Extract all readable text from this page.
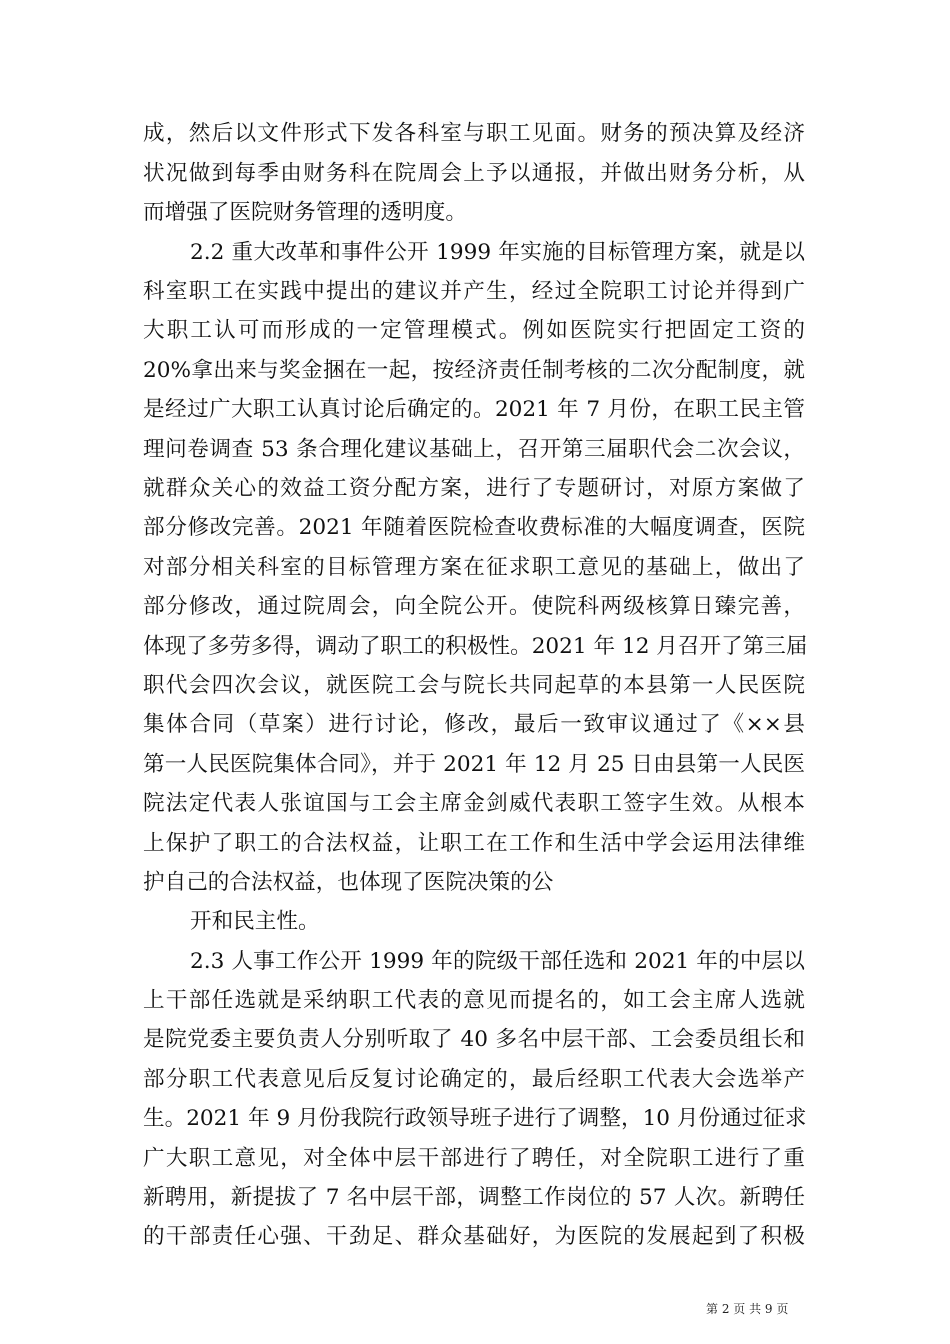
成，然后以文件形式下发各科室与职工见面。财务的预决算及经济
状况做到每季由财务科在院周会上予以通报，并做出财务分析，从
而增强了医院财务管理的透明度。
2.2 重大改革和事件公开 1999 年实施的目标管理方案，就是以
科室职工在实践中提出的建议并产生，经过全院职工讨论并得到广
大职工认可而形成的一定管理模式。例如医院实行把固定工资的
20%拿出来与奖金捆在一起，按经济责任制考核的二次分配制度，就
是经过广大职工认真讨论后确定的。2021 年 7 月份，在职工民主管
理问卷调查 53 条合理化建议基础上，召开第三届职代会二次会议，
就群众关心的效益工资分配方案，进行了专题研讨，对原方案做了
部分修改完善。2021 年随着医院检查收费标准的大幅度调查，医院
对部分相关科室的目标管理方案在征求职工意见的基础上，做出了
部分修改，通过院周会，向全院公开。使院科两级核算日臻完善，
体现了多劳多得，调动了职工的积极性。2021 年 12 月召开了第三届
职代会四次会议，就医院工会与院长共同起草的本县第一人民医院
集体合同（草案）进行讨论，修改，最后一致审议通过了《××县
第一人民医院集体合同》，并于 2021 年 12 月 25 日由县第一人民医
院法定代表人张谊国与工会主席金剑威代表职工签字生效。从根本
上保护了职工的合法权益，让职工在工作和生活中学会运用法律维
护自己的合法权益，也体现了医院决策的公
开和民主性。
2.3 人事工作公开 1999 年的院级干部任选和 2021 年的中层以
上干部任选就是采纳职工代表的意见而提名的，如工会主席人选就
是院党委主要负责人分别听取了 40 多名中层干部、工会委员组长和
部分职工代表意见后反复讨论确定的，最后经职工代表大会选举产
生。2021 年 9 月份我院行政领导班子进行了调整，10 月份通过征求
广大职工意见，对全体中层干部进行了聘任，对全院职工进行了重
新聘用，新提拔了 7 名中层干部，调整工作岗位的 57 人次。新聘任
的干部责任心强、干劲足、群众基础好，为医院的发展起到了积极
第 2 页 共 9 页
